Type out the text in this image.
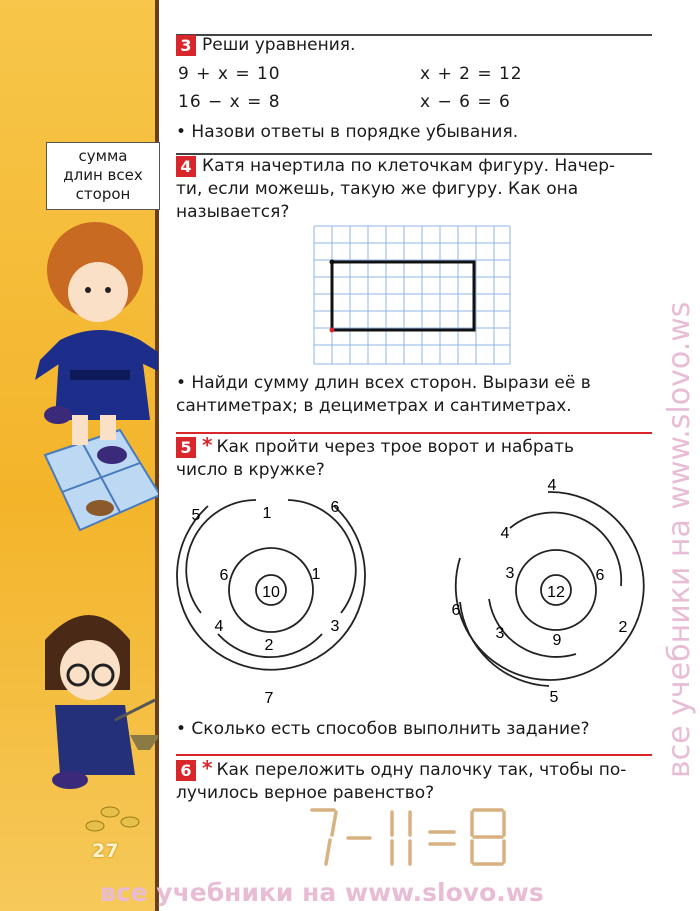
сумма
длин всех
сторон
27
3 Реши уравнения.
9 + x = 10	x + 2 = 12
16 − x = 8	x − 6 = 6
• Назови ответы в порядке убывания.
4 Катя начертила по клеточкам фигуру. Начер-
ти, если можешь, такую же фигуру. Как она
называется?
• Найди сумму длин всех сторон. Вырази её в
сантиметрах; в дециметрах и сантиметрах.
5 * Как пройти через трое ворот и набрать
число в кружке?
10
5	6
1
6	1
4
2
3
7
12
4
4
3	6
6
3	9
2
5
• Сколько есть способов выполнить задание?
6 * Как переложить одну палочку так, чтобы по-
лучилось верное равенство?
7 − 11 = 8
все учебники на www.slovo.ws
все учебники на www.slovo.ws
